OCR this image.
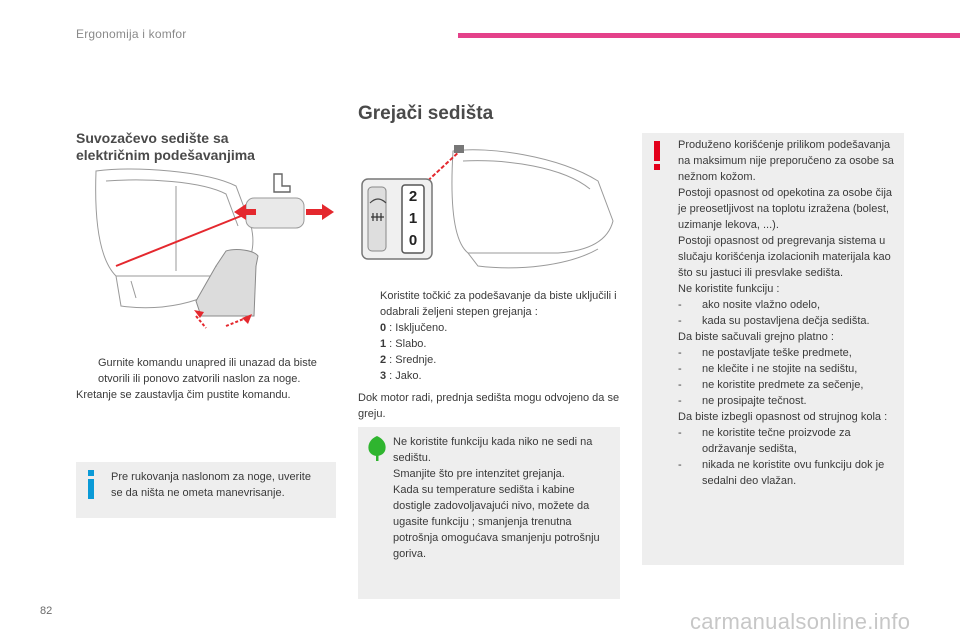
Ergonomija i komfor
Grejači sedišta
Suvozačevo sedište sa
električnim podešavanjima
2
1
0
Gurnite komandu unapred ili unazad da biste otvorili ili ponovo zatvorili naslon za noge.
Kretanje se zaustavlja čim pustite komandu.
Koristite točkić za podešavanje da biste uključili i odabrali željeni stepen grejanja :
0 : Isključeno.
1 : Slabo.
2 : Srednje.
3 : Jako.
Dok motor radi, prednja sedišta mogu odvojeno da se greju.
Pre rukovanja naslonom za noge, uverite se da ništa ne ometa manevrisanje.
Ne koristite funkciju kada niko ne sedi na sedištu.
Smanjite što pre intenzitet grejanja.
Kada su temperature sedišta i kabine dostigle zadovoljavajući nivo, možete da ugasite funkciju ; smanjenja trenutna potrošnja omogućava smanjenju potrošnju goriva.
Produženo korišćenje prilikom podešavanja na maksimum nije preporučeno za osobe sa nežnom kožom.
Postoji opasnost od opekotina za osobe čija je preosetljivost na toplotu izražena (bolest, uzimanje lekova, ...).
Postoji opasnost od pregrevanja sistema u slučaju korišćenja izolacionih materijala kao što su jastuci ili presvlake sedišta.
Ne koristite funkciju :
- ako nosite vlažno odelo,
- kada su postavljena dečja sedišta.
Da biste sačuvali grejno platno :
- ne postavljate teške predmete,
- ne klečite i ne stojite na sedištu,
- ne koristite predmete za sečenje,
- ne prosipajte tečnost.
Da biste izbegli opasnost od strujnog kola :
- ne koristite tečne proizvode za održavanje sedišta,
- nikada ne koristite ovu funkciju dok je sedalni deo vlažan.
82	carmanualsonline.info
